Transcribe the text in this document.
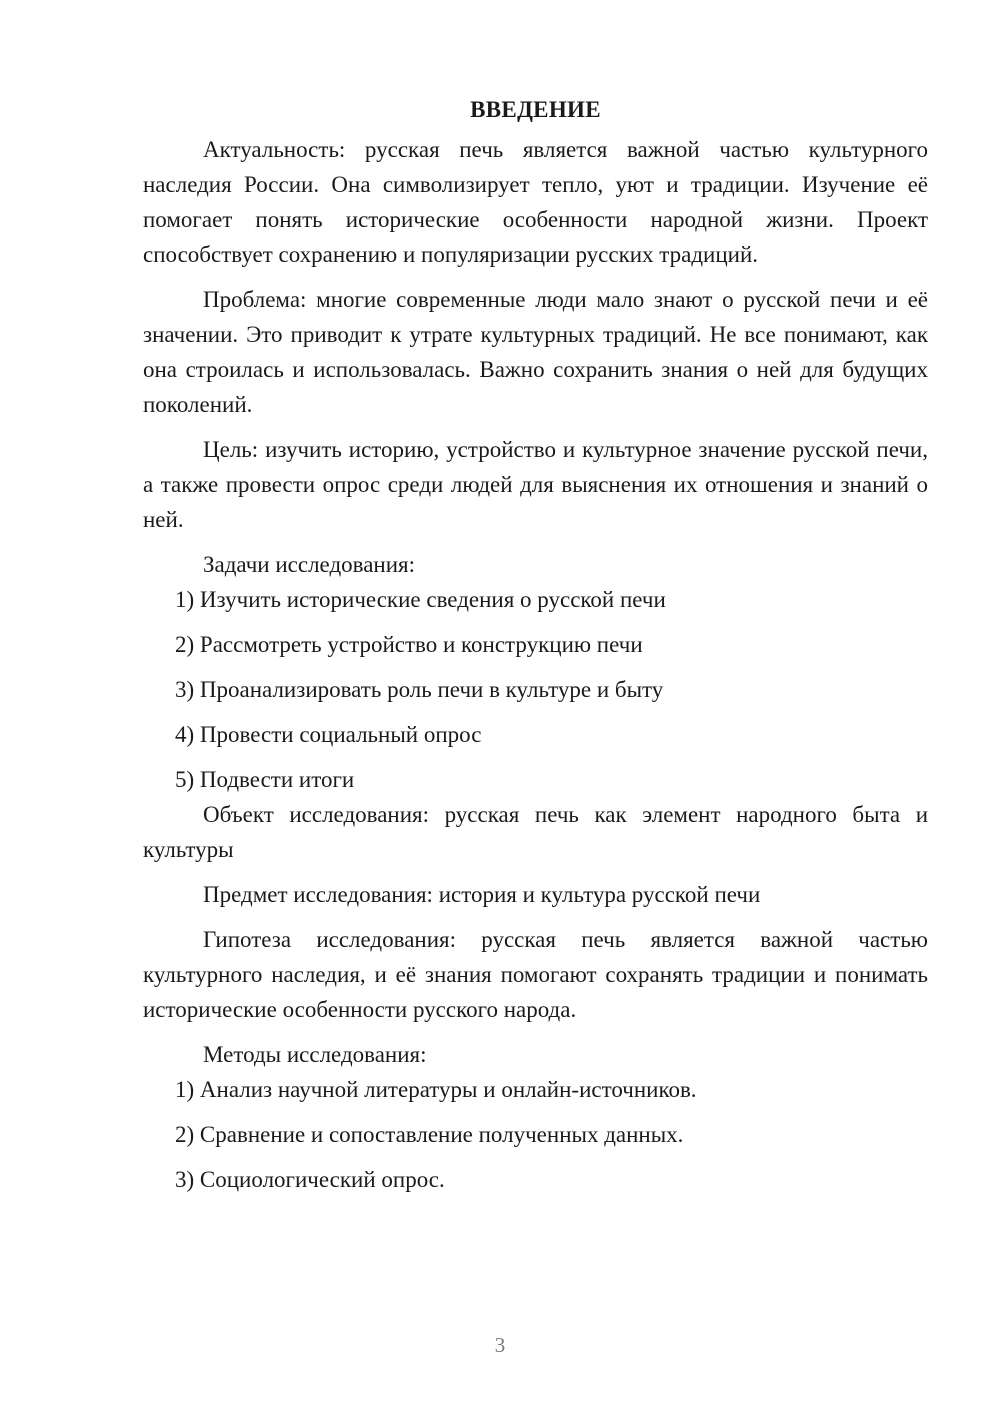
ВВЕДЕНИЕ

Актуальность: русская печь является важной частью культурного наследия России. Она символизирует тепло, уют и традиции. Изучение её помогает понять исторические особенности народной жизни. Проект способствует сохранению и популяризации русских традиций.

Проблема: многие современные люди мало знают о русской печи и её значении. Это приводит к утрате культурных традиций. Не все понимают, как она строилась и использовалась. Важно сохранить знания о ней для будущих поколений.

Цель: изучить историю, устройство и культурное значение русской печи, а также провести опрос среди людей для выяснения их отношения и знаний о ней.

Задачи исследования:

1) Изучить исторические сведения о русской печи

2) Рассмотреть устройство и конструкцию печи

3) Проанализировать роль печи в культуре и быту

4) Провести социальный опрос

5) Подвести итоги

Объект исследования: русская печь как элемент народного быта и культуры

Предмет исследования: история и культура русской печи

Гипотеза исследования: русская печь является важной частью культурного наследия, и её знания помогают сохранять традиции и понимать исторические особенности русского народа.

Методы исследования:

1) Анализ научной литературы и онлайн-источников.

2) Сравнение и сопоставление полученных данных.

3) Социологический опрос.

3
